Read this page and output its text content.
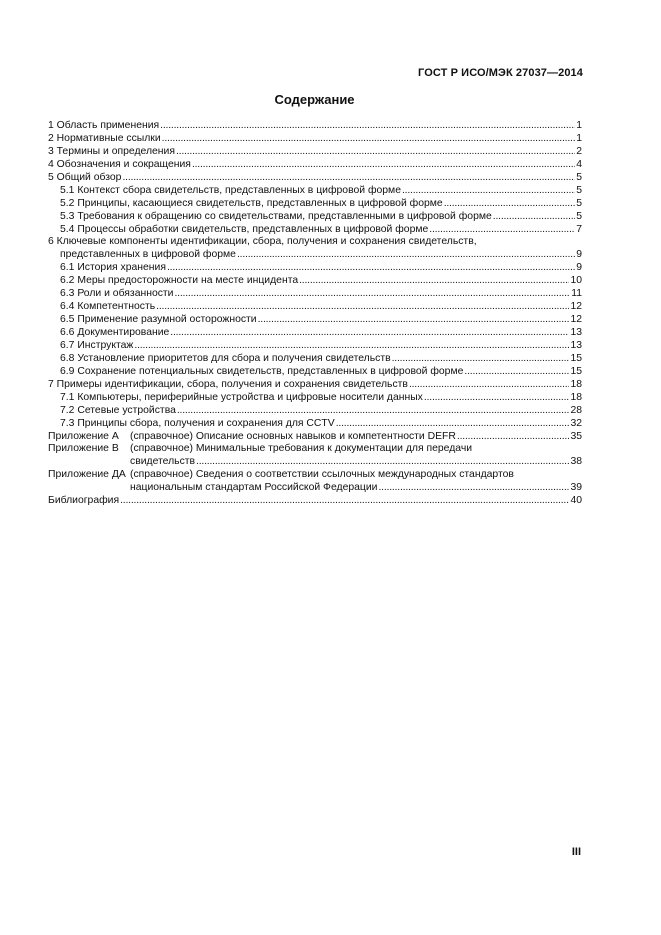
ГОСТ Р ИСО/МЭК 27037—2014
Содержание
1 Область применения .....	1
2 Нормативные ссылки .....	1
3 Термины и определения .....	2
4 Обозначения и сокращения .....	4
5 Общий обзор .....	5
5.1 Контекст сбора свидетельств, представленных в цифровой форме .....	5
5.2 Принципы, касающиеся свидетельств, представленных в цифровой форме .....	5
5.3 Требования к обращению со свидетельствами, представленными в цифровой форме .....	5
5.4 Процессы обработки свидетельств, представленных в цифровой форме .....	7
6 Ключевые компоненты идентификации, сбора, получения и сохранения свидетельств,
представленных в цифровой форме .....	9
6.1 История хранения .....	9
6.2 Меры предосторожности на месте инцидента .....	10
6.3 Роли и обязанности .....	11
6.4 Компетентность .....	12
6.5 Применение разумной осторожности .....	12
6.6 Документирование .....	13
6.7 Инструктаж .....	13
6.8 Установление приоритетов для сбора и получения свидетельств .....	15
6.9 Сохранение потенциальных свидетельств, представленных в цифровой форме .....	15
7 Примеры идентификации, сбора, получения и сохранения свидетельств .....	18
7.1 Компьютеры, периферийные устройства и цифровые носители данных .....	18
7.2 Сетевые устройства .....	28
7.3 Принципы сбора, получения и сохранения для CCTV .....	32
Приложение А	(справочное) Описание основных навыков и компетентности DEFR .....	35
Приложение В	(справочное) Минимальные требования к документации для передачи
свидетельств .....	38
Приложение ДА (справочное) Сведения о соответствии ссылочных международных стандартов
национальным стандартам Российской Федерации .....	39
Библиография .....	40
III
